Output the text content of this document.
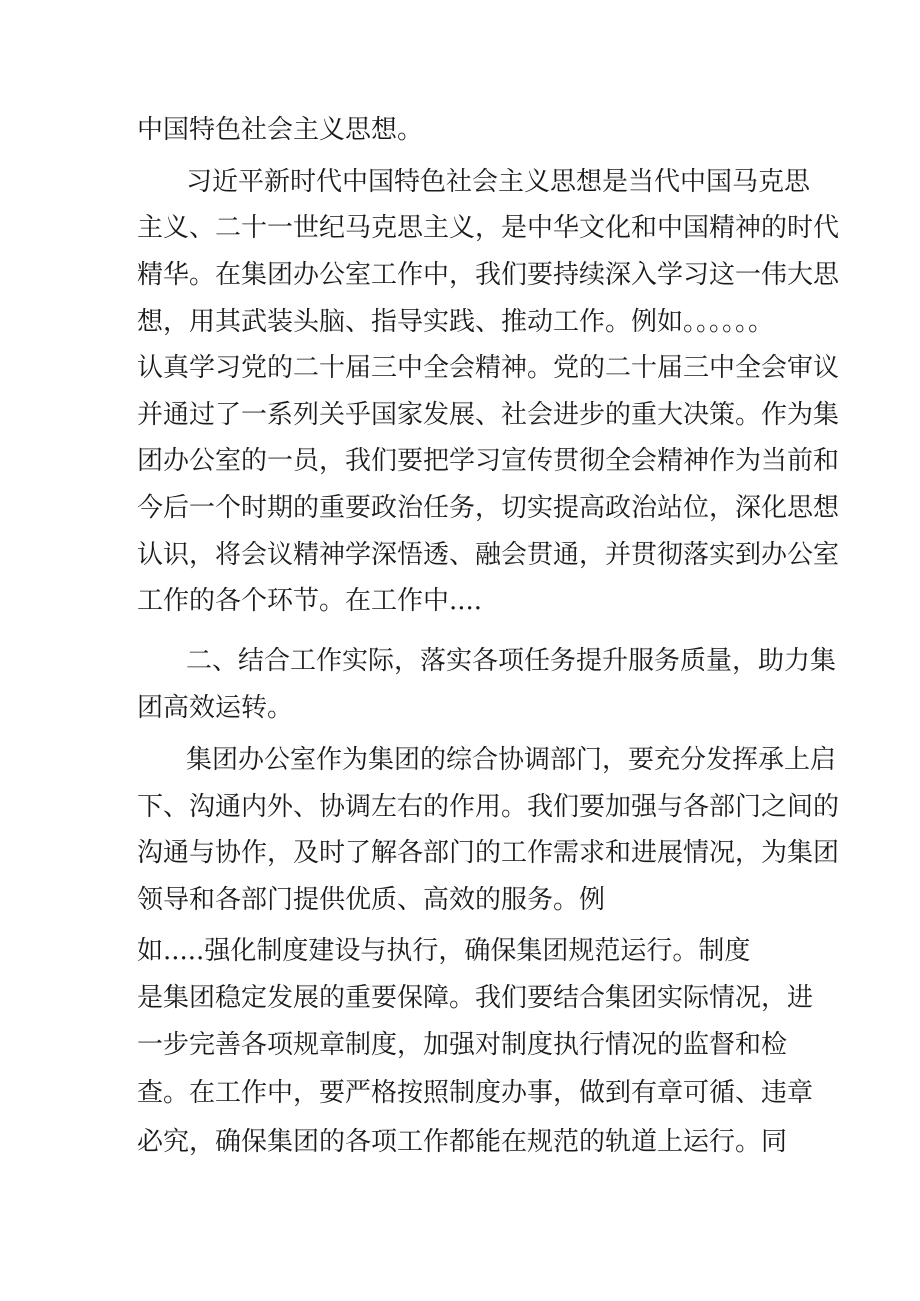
中国特色社会主义思想。
习近平新时代中国特色社会主义思想是当代中国马克思
主义、二十一世纪马克思主义，是中华文化和中国精神的时代
精华。在集团办公室工作中，我们要持续深入学习这一伟大思
想，用其武装头脑、指导实践、推动工作。例如。。。。。。
认真学习党的二十届三中全会精神。党的二十届三中全会审议
并通过了一系列关乎国家发展、社会进步的重大决策。作为集
团办公室的一员，我们要把学习宣传贯彻全会精神作为当前和
今后一个时期的重要政治任务，切实提高政治站位，深化思想
认识，将会议精神学深悟透、融会贯通，并贯彻落实到办公室
工作的各个环节。在工作中....
二、结合工作实际，落实各项任务提升服务质量，助力集
团高效运转。
集团办公室作为集团的综合协调部门，要充分发挥承上启
下、沟通内外、协调左右的作用。我们要加强与各部门之间的
沟通与协作，及时了解各部门的工作需求和进展情况，为集团
领导和各部门提供优质、高效的服务。例
如.....强化制度建设与执行，确保集团规范运行。制度
是集团稳定发展的重要保障。我们要结合集团实际情况，进
一步完善各项规章制度，加强对制度执行情况的监督和检
查。在工作中，要严格按照制度办事，做到有章可循、违章
必究，确保集团的各项工作都能在规范的轨道上运行。同
